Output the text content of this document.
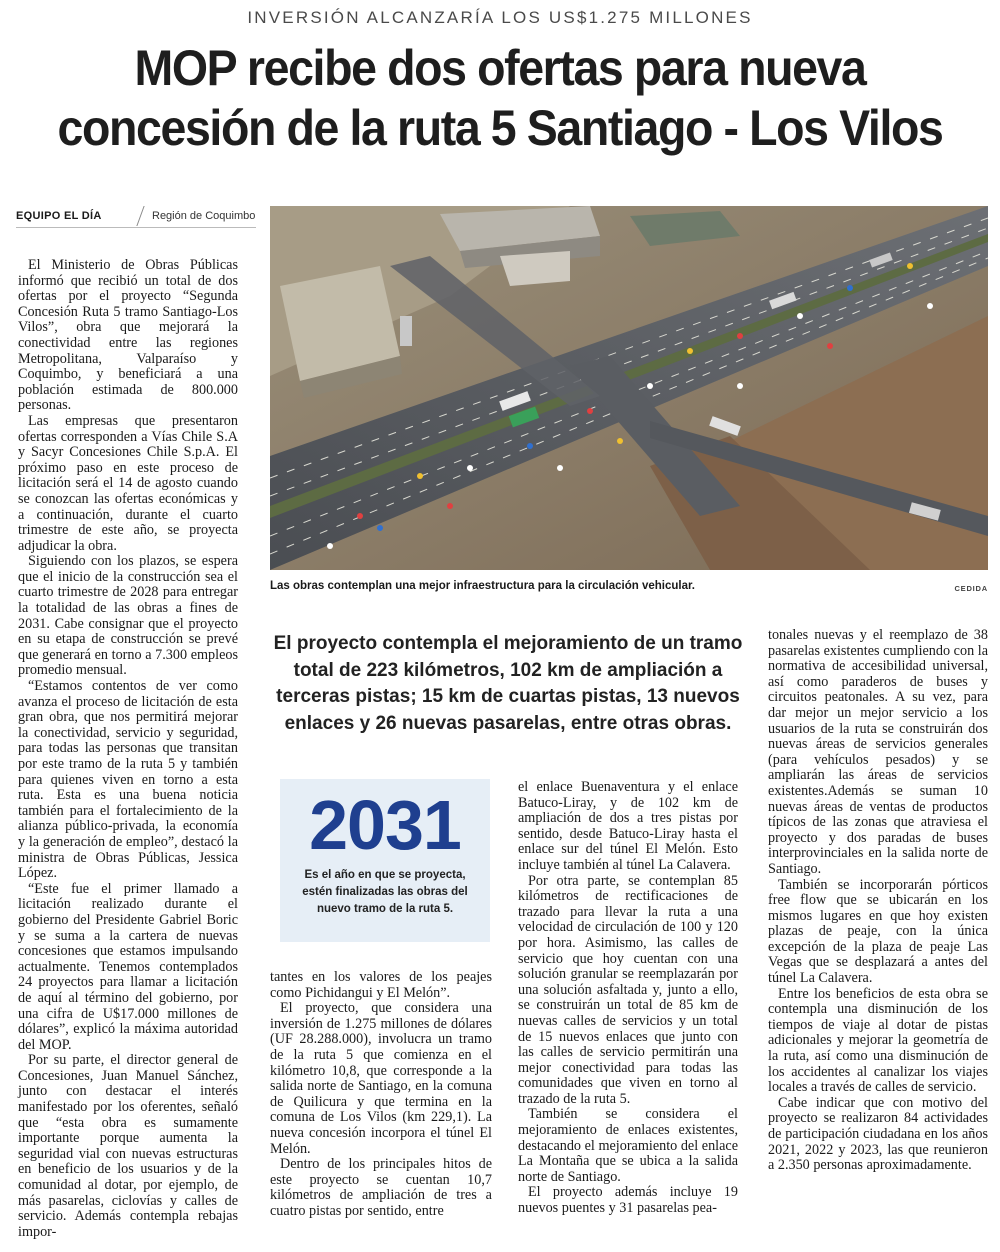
INVERSIÓN ALCANZARÍA LOS US$1.275 MILLONES
MOP recibe dos ofertas para nueva
concesión de la ruta 5 Santiago - Los Vilos
EQUIPO EL DÍA	Región de Coquimbo

El Ministerio de Obras Públicas informó que recibió un total de dos ofertas por el proyecto “Segunda Concesión Ruta 5 tramo Santiago-Los Vilos”, obra que mejorará la conectividad entre las regiones Metropolitana, Valparaíso y Coquimbo, y beneficiará a una población estimada de 800.000 personas.

Las empresas que presentaron ofertas corresponden a Vías Chile S.A y Sacyr Concesiones Chile S.p.A. El próximo paso en este proceso de licitación será el 14 de agosto cuando se conozcan las ofertas económicas y a continuación, durante el cuarto trimestre de este año, se proyecta adjudicar la obra.

Siguiendo con los plazos, se espera que el inicio de la construcción sea el cuarto trimestre de 2028 para entregar la totalidad de las obras a fines de 2031. Cabe consignar que el proyecto en su etapa de construcción se prevé que generará en torno a 7.300 empleos promedio mensual.

“Estamos contentos de ver como avanza el proceso de licitación de esta gran obra, que nos permitirá mejorar la conectividad, servicio y seguridad, para todas las personas que transitan por este tramo de la ruta 5 y también para quienes viven en torno a esta ruta. Esta es una buena noticia también para el fortalecimiento de la alianza público-privada, la economía y la generación de empleo”, destacó la ministra de Obras Públicas, Jessica López.

“Este fue el primer llamado a licitación realizado durante el gobierno del Presidente Gabriel Boric y se suma a la cartera de nuevas concesiones que estamos impulsando actualmente. Tenemos contemplados 24 proyectos para llamar a licitación de aquí al término del gobierno, por una cifra de U$17.000 millones de dólares”, explicó la máxima autoridad del MOP.

Por su parte, el director general de Concesiones, Juan Manuel Sánchez, junto con destacar el interés manifestado por los oferentes, señaló que “esta obra es sumamente importante porque aumenta la seguridad vial con nuevas estructuras en beneficio de los usuarios y de la comunidad al dotar, por ejemplo, de más pasarelas, ciclovías y calles de servicio. Además contempla rebajas impor-

Las obras contemplan una mejor infraestructura para la circulación vehicular.	CEDIDA
El proyecto contempla el mejoramiento de un tramo total de 223 kilómetros, 102 km de ampliación a terceras pistas; 15 km de cuartas pistas, 13 nuevos enlaces y 26 nuevas pasarelas, entre otras obras.
2031
Es el año en que se proyecta, estén finalizadas las obras del nuevo tramo de la ruta 5.

tantes en los valores de los peajes como Pichidangui y El Melón”.

El proyecto, que considera una inversión de 1.275 millones de dólares (UF 28.288.000), involucra un tramo de la ruta 5 que comienza en el kilómetro 10,8, que corresponde a la salida norte de Santiago, en la comuna de Quilicura y que termina en la comuna de Los Vilos (km 229,1). La nueva concesión incorpora el túnel El Melón.

Dentro de los principales hitos de este proyecto se cuentan 10,7 kilómetros de ampliación de tres a cuatro pistas por sentido, entre

el enlace Buenaventura y el enlace Batuco-Liray, y de 102 km de ampliación de dos a tres pistas por sentido, desde Batuco-Liray hasta el enlace sur del túnel El Melón. Esto incluye también al túnel La Calavera.

Por otra parte, se contemplan 85 kilómetros de rectificaciones de trazado para llevar la ruta a una velocidad de circulación de 100 y 120 por hora. Asimismo, las calles de servicio que hoy cuentan con una solución granular se reemplazarán por una solución asfaltada y, junto a ello, se construirán un total de 85 km de nuevas calles de servicios y un total de 15 nuevos enlaces que junto con las calles de servicio permitirán una mejor conectividad para todas las comunidades que viven en torno al trazado de la ruta 5.

También se considera el mejoramiento de enlaces existentes, destacando el mejoramiento del enlace La Montaña que se ubica a la salida norte de Santiago.

El proyecto además incluye 19 nuevos puentes y 31 pasarelas pea-

tonales nuevas y el reemplazo de 38 pasarelas existentes cumpliendo con la normativa de accesibilidad universal, así como paraderos de buses y circuitos peatonales. A su vez, para dar mejor un mejor servicio a los usuarios de la ruta se construirán dos nuevas áreas de servicios generales (para vehículos pesados) y se ampliarán las áreas de servicios existentes.Además se suman 10 nuevas áreas de ventas de productos típicos de las zonas que atraviesa el proyecto y dos paradas de buses interprovinciales en la salida norte de Santiago.

También se incorporarán pórticos free flow que se ubicarán en los mismos lugares en que hoy existen plazas de peaje, con la única excepción de la plaza de peaje Las Vegas que se desplazará a antes del túnel La Calavera.

Entre los beneficios de esta obra se contempla una disminución de los tiempos de viaje al dotar de pistas adicionales y mejorar la geometría de la ruta, así como una disminución de los accidentes al canalizar los viajes locales a través de calles de servicio.

Cabe indicar que con motivo del proyecto se realizaron 84 actividades de participación ciudadana en los años 2021, 2022 y 2023, las que reunieron a 2.350 personas aproximadamente.
